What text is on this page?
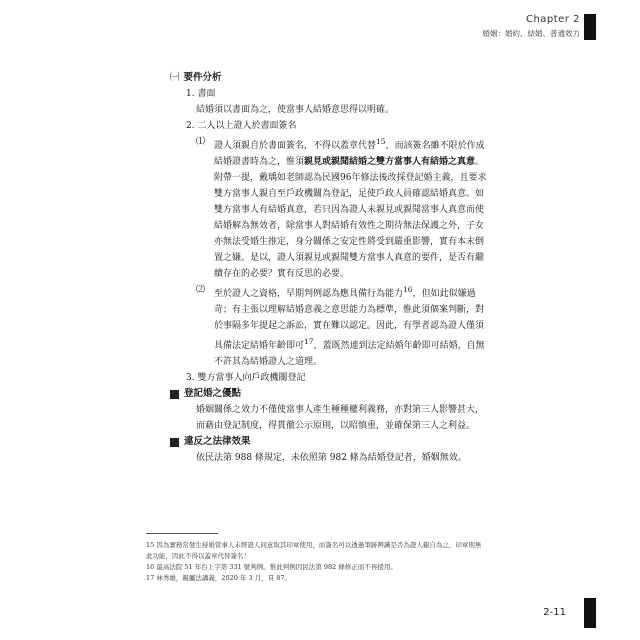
Chapter 2
婚姻：婚約、結婚、普通效力
㈠ 要件分析
1. 書面
結婚須以書面為之，使當事人結婚意思得以明確。
2. 二人以上證人於書面簽名
⑴ 證人須親自於書面簽名，不得以蓋章代替$^{15}$，而該簽名雖不限於作成結婚證書時為之，惟須親見或親聞結婚之雙方當事人有結婚之真意。附帶一提，戴瑀如老師認為民國96年修法後改採登記婚主義，且要求雙方當事人親自至戶政機關為登記，足使戶政人員確認結婚真意。如雙方當事人有結婚真意，若只因為證人未親見或親聞當事人真意而使結婚解為無效者，除當事人對結婚有效性之期待無法保護之外，子女亦無法受婚生推定，身分關係之安定性將受到嚴重影響，實有本末倒置之嫌。是以，證人須親見或親聞雙方當事人真意的要件，是否有繼續存在的必要？實有反思的必要。
⑵ 至於證人之資格，早期判例認為應具備行為能力$^{16}$，但如此似嫌過苛；有主張以理解結婚意義之意思能力為標準，惟此須個案判斷，對於事隔多年提起之訴訟，實在難以認定。因此，有學者認為證人僅須具備法定結婚年齡即可$^{17}$，蓋既然連到法定結婚年齡即可結婚，自無不許其為結婚證人之道理。
3. 雙方當事人向戶政機關登記
登記婚之優點
婚姻關係之效力不僅使當事人產生種種權利義務，亦對第三人影響甚大，而藉由登記制度，得貫徹公示原則，以昭慎重，並確保第三人之利益。
違反之法律效果
依民法第 988 條規定，未依照第 982 條為結婚登記者，婚姻無效。
15 因為實務常發生持婚當事人未經證人同意取其印章使用，而簽名可以透過筆跡辨識是否為證人親自為之，印章則無此功能，因此不得以蓋章代替簽名！
16 最高法院 51 年台上字第 331 號判例。惟此判例因民法第 982 條修正而不再援用。
17 林秀雄，親屬法講義，2020 年 3 月，頁 87。
2-11
